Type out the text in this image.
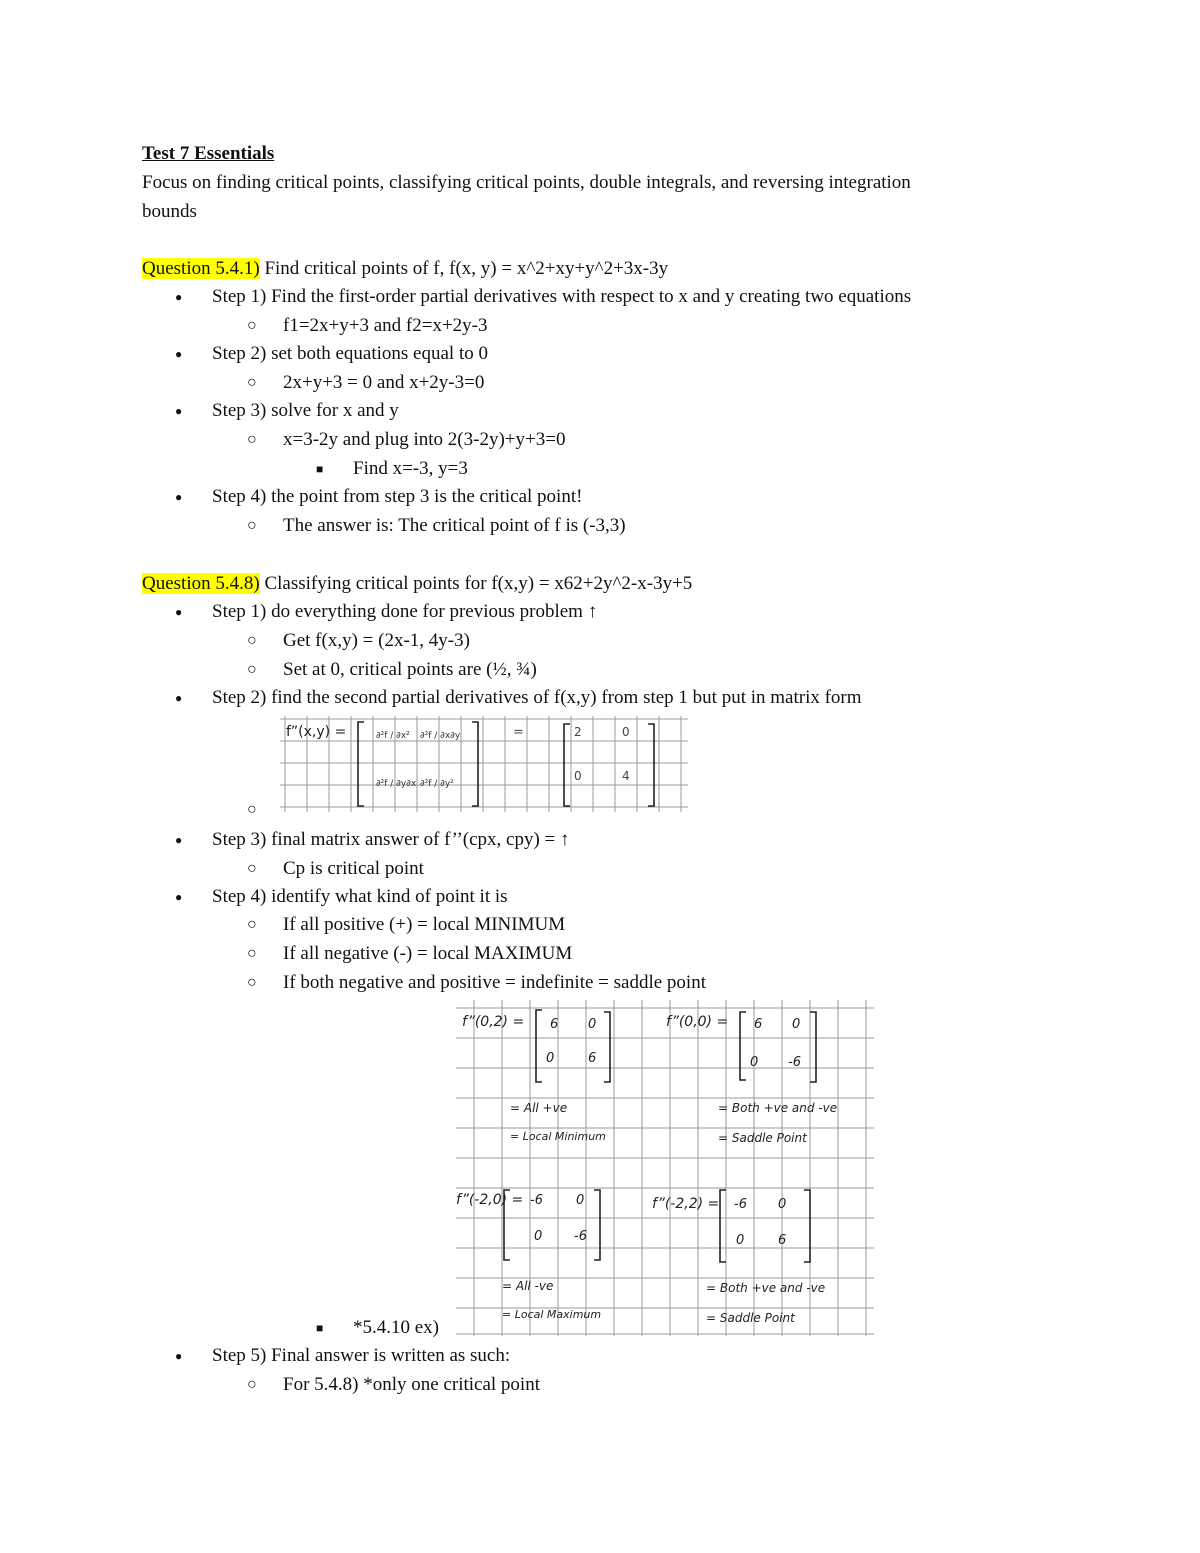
Test 7 Essentials
Focus on finding critical points, classifying critical points, double integrals, and reversing integration
bounds
Question 5.4.1) Find critical points of f, f(x, y) = x^2+xy+y^2+3x-3y
●
Step 1) Find the first-order partial derivatives with respect to x and y creating two equations
○
f1=2x+y+3 and f2=x+2y-3
●
Step 2) set both equations equal to 0
○
2x+y+3 = 0 and x+2y-3=0
●
Step 3) solve for x and y
○
x=3-2y and plug into 2(3-2y)+y+3=0
■
Find x=-3, y=3
●
Step 4) the point from step 3 is the critical point!
○
The answer is: The critical point of f is (-3,3)
Question 5.4.8) Classifying critical points for f(x,y) = x62+2y^2-x-3y+5
●
Step 1) do everything done for previous problem ↑
○
Get f(x,y) = (2x-1, 4y-3)
○
Set at 0, critical points are (½, ¾)
●
Step 2) find the second partial derivatives of f(x,y) from step 1 but put in matrix form
f”(x,y) =	∂²f / ∂x² ∂²f / ∂x∂y
∂²f / ∂y∂x ∂²f / ∂y²
=	2	0
0	4
○
●
Step 3) final matrix answer of f’’(cpx, cpy) = ↑
○
Cp is critical point
●
Step 4) identify what kind of point it is
○
If all positive (+) = local MINIMUM
○
If all negative (-) = local MAXIMUM
○
If both negative and positive = indefinite = saddle point
f”(0,2) = 6 0
0	6
= All +ve
= Local Minimum
f”(0,0) = 6 0
0 -6
= Both +ve and -ve
= Saddle Point
f”(-2,0) = -6	0
0 -6
= All -ve
= Local Maximum
f”(-2,2) = -6 0
0	6
= Both +ve and -ve
= Saddle Point
■
*5.4.10 ex)
●
Step 5) Final answer is written as such:
○
For 5.4.8) *only one critical point
